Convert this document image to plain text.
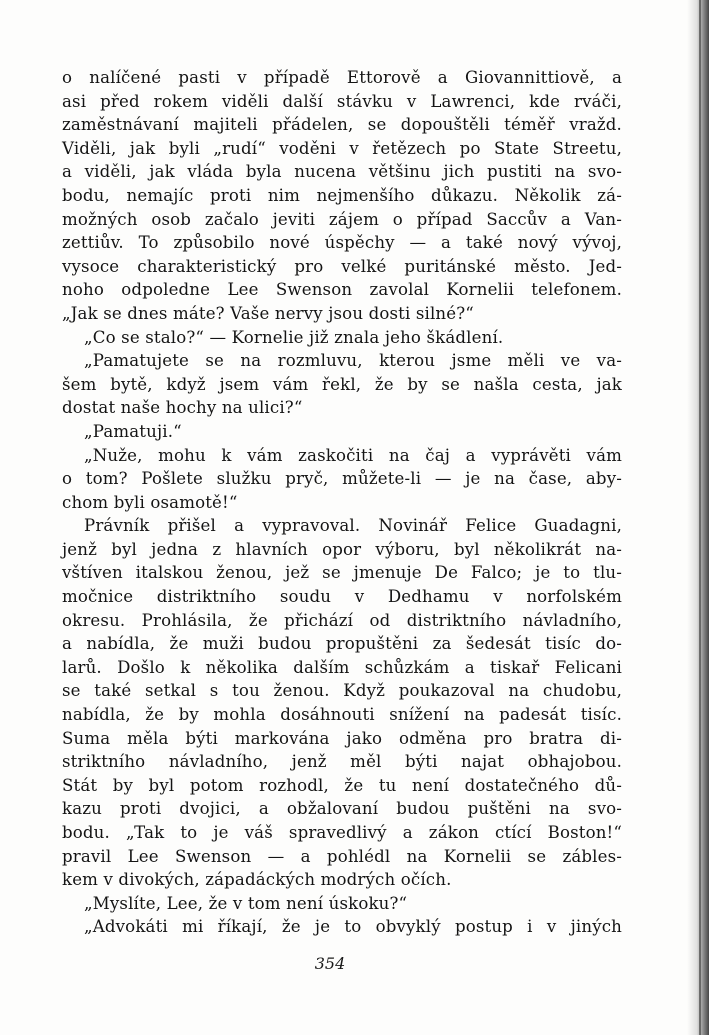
o nalíčené pasti v případě Ettorově a Giovannittiově, a
asi před rokem viděli další stávku v Lawrenci, kde rváči,
zaměstnávaní majiteli přádelen, se dopouštěli téměř vražd.
Viděli, jak byli „rudí“ voděni v řetězech po State Streetu,
a viděli, jak vláda byla nucena většinu jich pustiti na svo-
bodu, nemajíc proti nim nejmenšího důkazu. Několik zá-
možných osob začalo jeviti zájem o případ Saccův a Van-
zettiův. To způsobilo nové úspěchy — a také nový vývoj,
vysoce charakteristický pro velké puritánské město. Jed-
noho odpoledne Lee Swenson zavolal Kornelii telefonem.
„Jak se dnes máte? Vaše nervy jsou dosti silné?“
„Co se stalo?“ — Kornelie již znala jeho škádlení.
„Pamatujete se na rozmluvu, kterou jsme měli ve va-
šem bytě, když jsem vám řekl, že by se našla cesta, jak
dostat naše hochy na ulici?“
„Pamatuji.“
„Nuže, mohu k vám zaskočiti na čaj a vyprávěti vám
o tom? Pošlete služku pryč, můžete-li — je na čase, aby-
chom byli osamotě!“
Právník přišel a vypravoval. Novinář Felice Guadagni,
jenž byl jedna z hlavních opor výboru, byl několikrát na-
vštíven italskou ženou, jež se jmenuje De Falco; je to tlu-
močnice distriktního soudu v Dedhamu v norfolském
okresu. Prohlásila, že přichází od distriktního návladního,
a nabídla, že muži budou propuštěni za šedesát tisíc do-
larů. Došlo k několika dalším schůzkám a tiskař Felicani
se také setkal s tou ženou. Když poukazoval na chudobu,
nabídla, že by mohla dosáhnouti snížení na padesát tisíc.
Suma měla býti markována jako odměna pro bratra di-
striktního návladního, jenž měl býti najat obhajobou.
Stát by byl potom rozhodl, že tu není dostatečného dů-
kazu proti dvojici, a obžalovaní budou puštěni na svo-
bodu. „Tak to je váš spravedlivý a zákon ctící Boston!“
pravil Lee Swenson — a pohlédl na Kornelii se zábles-
kem v divokých, západáckých modrých očích.
„Myslíte, Lee, že v tom není úskoku?“
„Advokáti mi říkají, že je to obvyklý postup i v jiných
354
